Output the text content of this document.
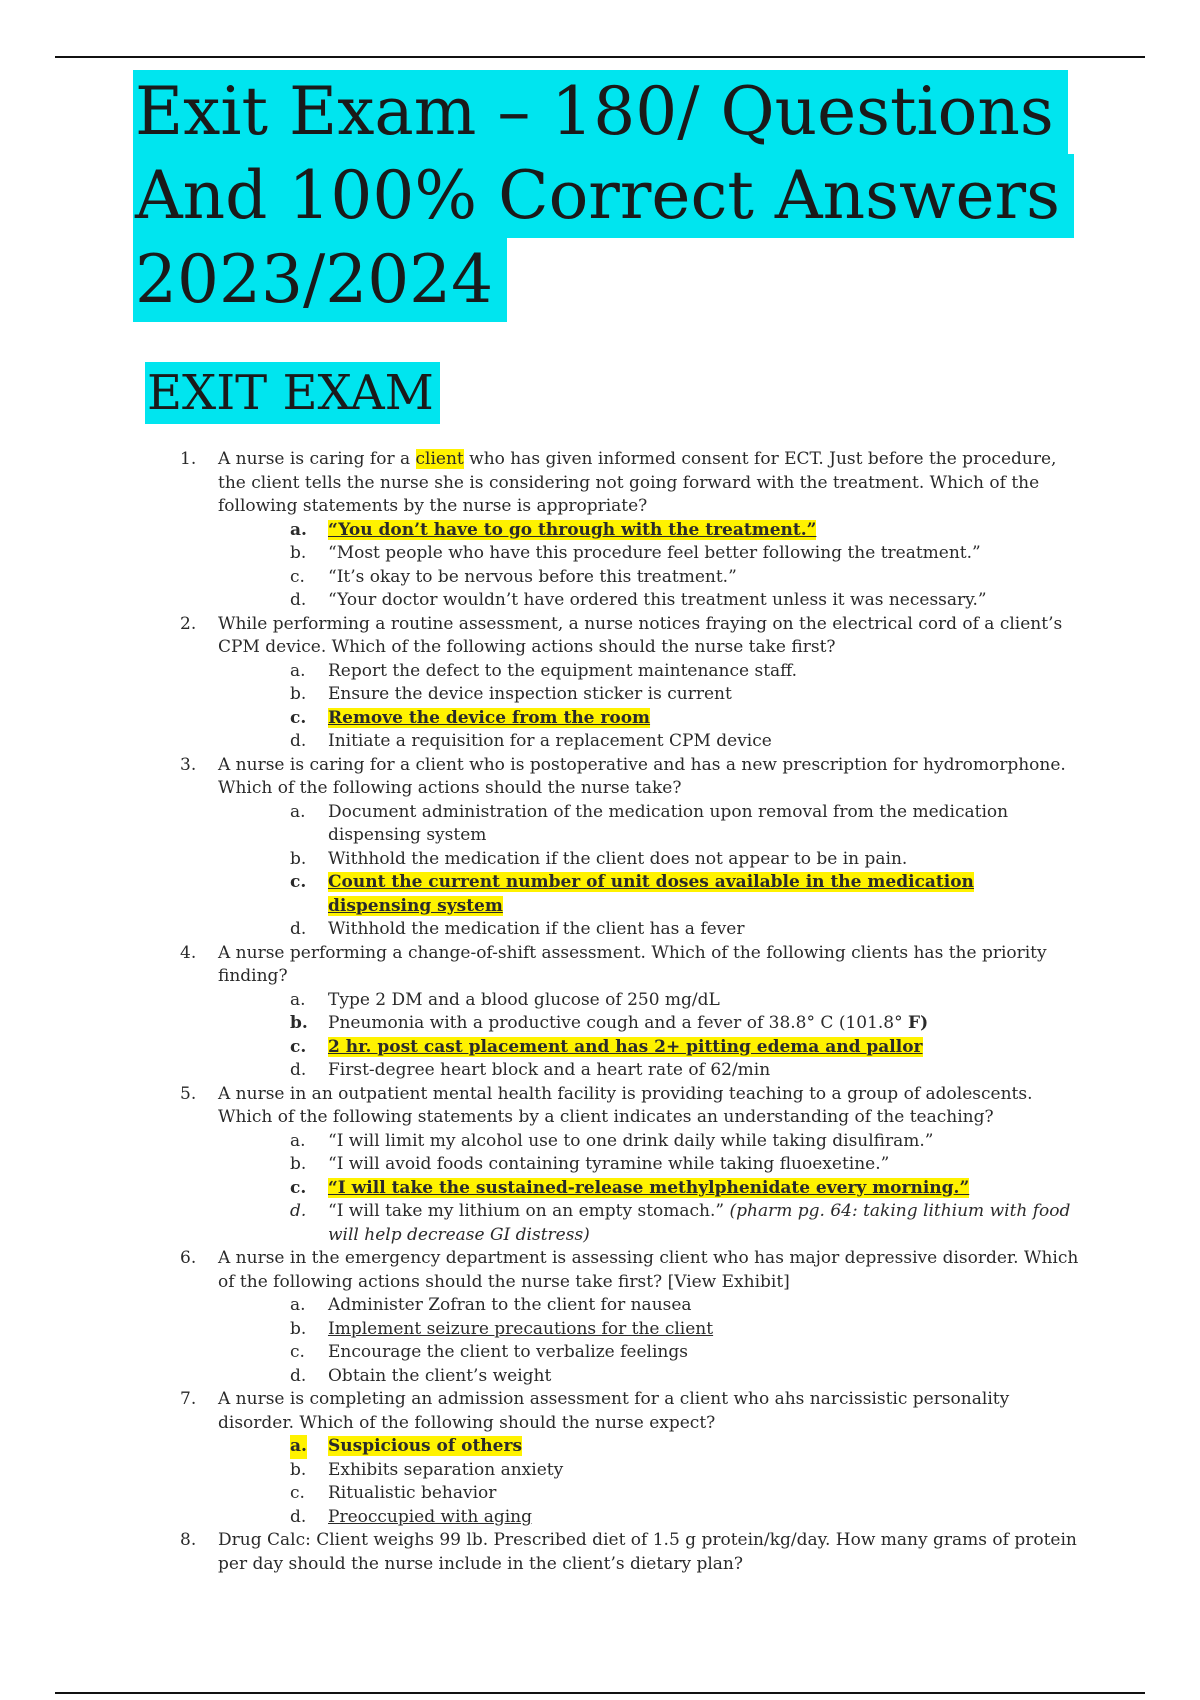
Exit Exam – 180/ Questions
And 100% Correct Answers
2023/2024
EXIT EXAM
1. A nurse is caring for a client who has given informed consent for ECT. Just before the procedure, the client tells the nurse she is considering not going forward with the treatment. Which of the following statements by the nurse is appropriate?
a. “You don’t have to go through with the treatment.”
b. “Most people who have this procedure feel better following the treatment.”
c. “It’s okay to be nervous before this treatment.”
d. “Your doctor wouldn’t have ordered this treatment unless it was necessary.”
2. While performing a routine assessment, a nurse notices fraying on the electrical cord of a client’s CPM device. Which of the following actions should the nurse take first?
a. Report the defect to the equipment maintenance staff.
b. Ensure the device inspection sticker is current
c. Remove the device from the room
d. Initiate a requisition for a replacement CPM device
3. A nurse is caring for a client who is postoperative and has a new prescription for hydromorphone. Which of the following actions should the nurse take?
a. Document administration of the medication upon removal from the medication dispensing system
b. Withhold the medication if the client does not appear to be in pain.
c. Count the current number of unit doses available in the medication dispensing system
d. Withhold the medication if the client has a fever
4. A nurse performing a change-of-shift assessment. Which of the following clients has the priority finding?
a. Type 2 DM and a blood glucose of 250 mg/dL
b. Pneumonia with a productive cough and a fever of 38.8° C (101.8° F)
c. 2 hr. post cast placement and has 2+ pitting edema and pallor
d. First-degree heart block and a heart rate of 62/min
5. A nurse in an outpatient mental health facility is providing teaching to a group of adolescents. Which of the following statements by a client indicates an understanding of the teaching?
a. “I will limit my alcohol use to one drink daily while taking disulfiram.”
b. “I will avoid foods containing tyramine while taking fluoexetine.”
c. “I will take the sustained-release methylphenidate every morning.”
d. “I will take my lithium on an empty stomach.” (pharm pg. 64: taking lithium with food will help decrease GI distress)
6. A nurse in the emergency department is assessing client who has major depressive disorder. Which of the following actions should the nurse take first? [View Exhibit]
a. Administer Zofran to the client for nausea
b. Implement seizure precautions for the client
c. Encourage the client to verbalize feelings
d. Obtain the client’s weight
7. A nurse is completing an admission assessment for a client who ahs narcissistic personality disorder. Which of the following should the nurse expect?
a. Suspicious of others
b. Exhibits separation anxiety
c. Ritualistic behavior
d. Preoccupied with aging
8. Drug Calc: Client weighs 99 lb. Prescribed diet of 1.5 g protein/kg/day. How many grams of protein per day should the nurse include in the client’s dietary plan?
